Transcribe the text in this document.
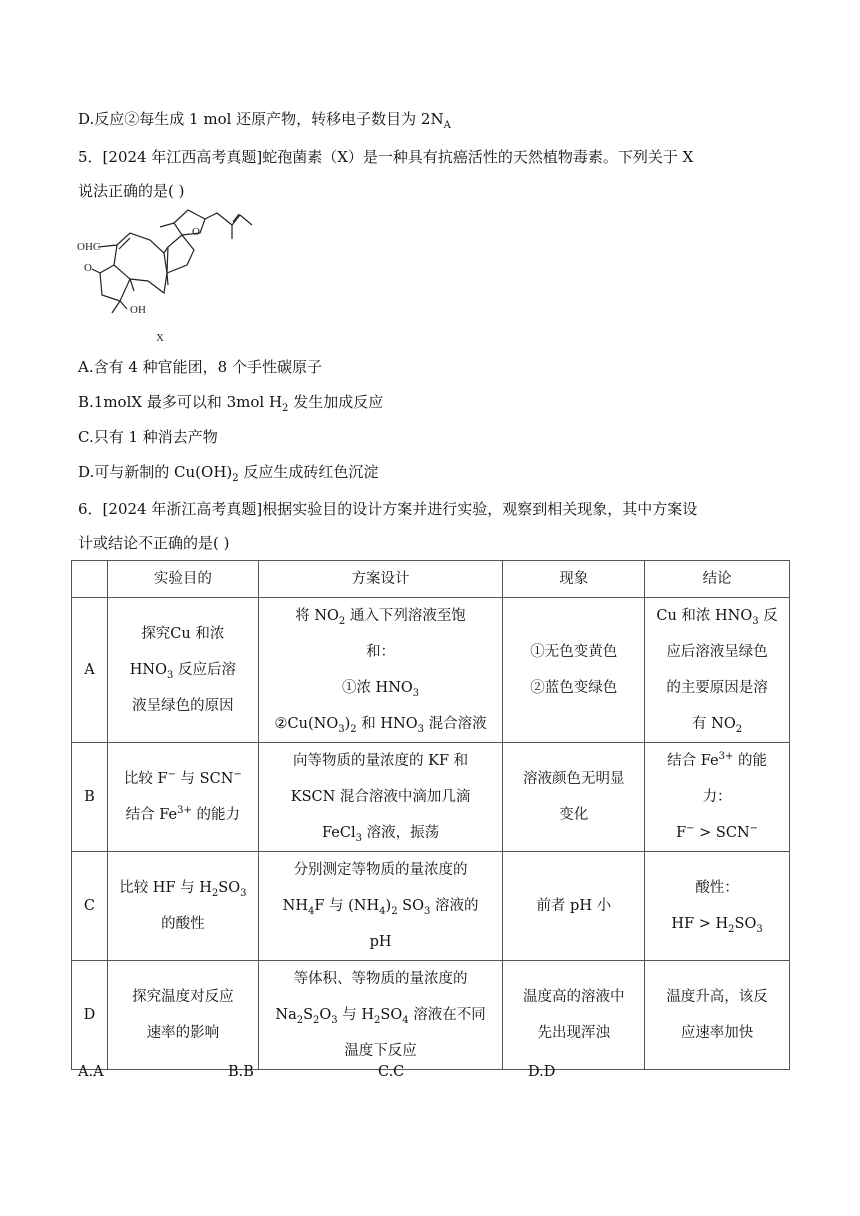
D.反应②每生成 1 mol 还原产物，转移电子数目为 $2N_A$
5．[2024 年江西高考真题]蛇孢菌素（X）是一种具有抗癌活性的天然植物毒素。下列关于 X
说法正确的是( )
OHC
O
O
OH
X
A.含有 4 种官能团，8 个手性碳原子
B.1molX 最多可以和 3mol $H_2$ 发生加成反应
C.只有 1 种消去产物
D.可与新制的 $Cu(OH)_2$ 反应生成砖红色沉淀
6．[2024 年浙江高考真题]根据实验目的设计方案并进行实验，观察到相关现象，其中方案设
计或结论不正确的是( )
	实验目的	方案设计	现象	结论
A	探究Cu 和浓
$HNO_3$ 反应后溶
液呈绿色的原因	将 $NO_2$ 通入下列溶液至饱
和：
①浓 $HNO_3$
$②Cu(NO_3)_2$ 和 $HNO_3$ 混合溶液	①无色变黄色
②蓝色变绿色	Cu 和浓 $HNO_3$ 反
应后溶液呈绿色
的主要原因是溶
有 $NO_2$
B	比较 F− 与 SCN−
结合 $Fe^{3+}$ 的能力	向等物质的量浓度的 KF 和
KSCN 混合溶液中滴加几滴
FeCl$_3$ 溶液，振荡	溶液颜色无明显
变化	结合 $Fe^{3+}$ 的能
力：
F− > SCN−
C	比较 HF 与 $H_2SO_3$
的酸性	分别测定等物质的量浓度的
$NH_4F$ 与 $(NH_4)_2$ $SO_3$ 溶液的
pH	前者 pH 小	酸性：
HF > $H_2SO_3$
D	探究温度对反应
速率的影响	等体积、等物质的量浓度的
$Na_2S_2O_3$ 与 $H_2SO_4$ 溶液在不同
温度下反应	温度高的溶液中
先出现浑浊	温度升高，该反
应速率加快
A.A	B.B	C.C	D.D
